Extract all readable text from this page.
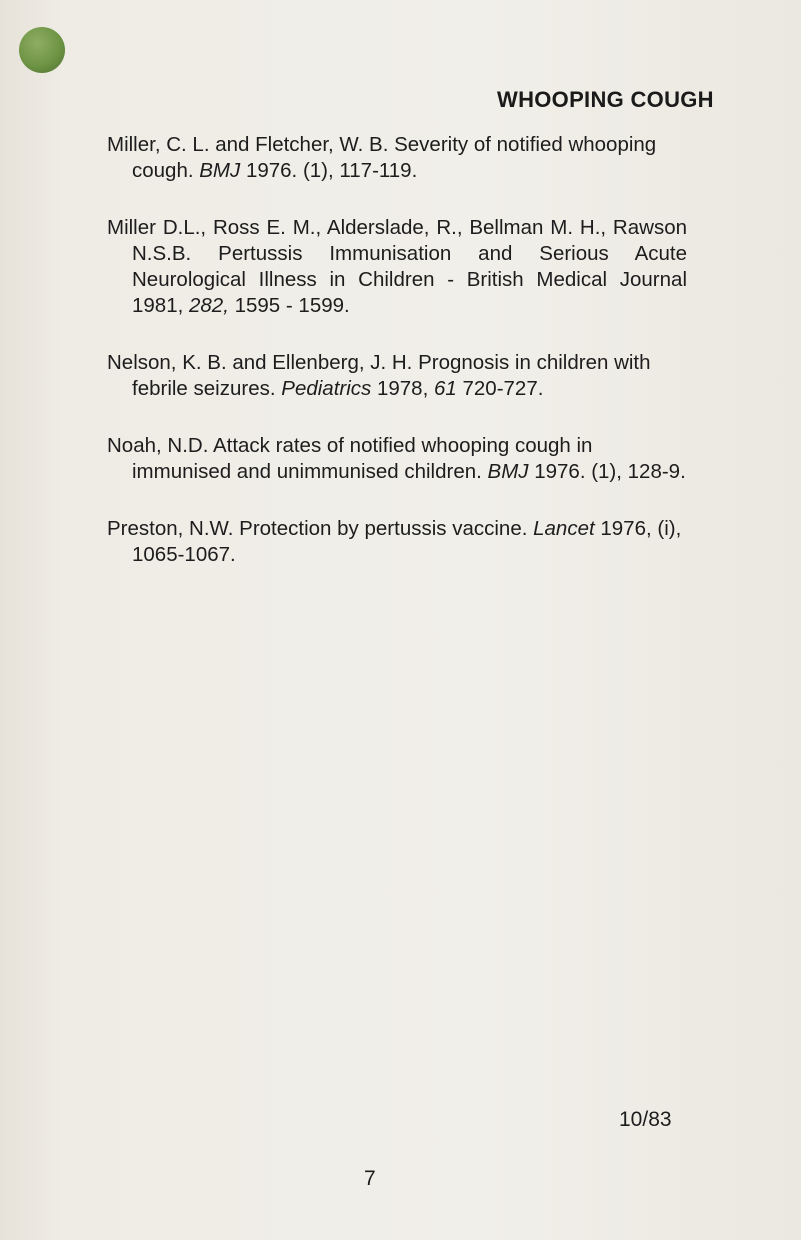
WHOOPING COUGH

Miller, C. L. and Fletcher, W. B. Severity of notified whooping cough. BMJ 1976. (1), 117-119.

Miller D.L., Ross E. M., Alderslade, R., Bellman M. H., Rawson N.S.B. Pertussis Immunisation and Serious Acute Neurological Illness in Children - British Medical Journal 1981, 282, 1595 - 1599.

Nelson, K. B. and Ellenberg, J. H. Prognosis in children with febrile seizures. Pediatrics 1978, 61 720-727.

Noah, N.D. Attack rates of notified whooping cough in immunised and unimmunised children. BMJ 1976. (1), 128-9.

Preston, N.W. Protection by pertussis vaccine. Lancet 1976, (i), 1065-1067.

10/83
7
